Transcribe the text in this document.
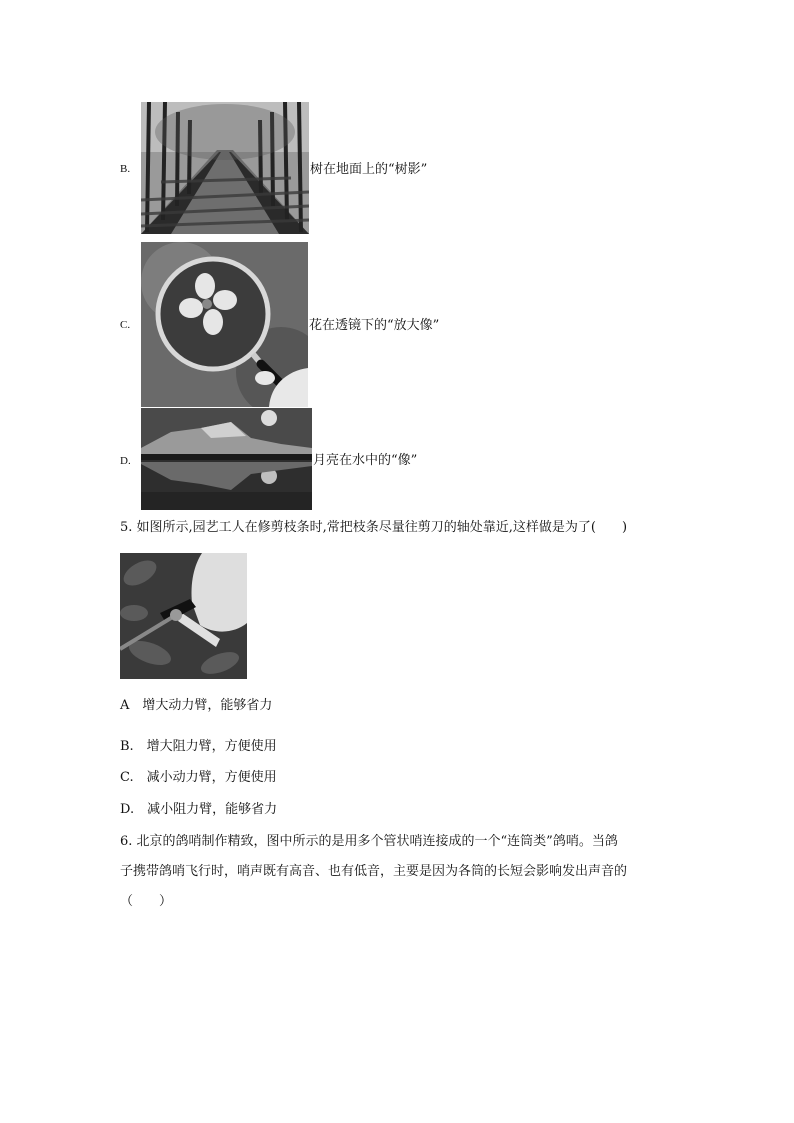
B.	树在地面上的“树影”
C.	花在透镜下的“放大像”
D.	月亮在水中的“像”
5. 如图所示,园艺工人在修剪枝条时,常把枝条尽量往剪刀的轴处靠近,这样做是为了(　　)
A　增大动力臂，能够省力
B.　增大阻力臂，方便使用
C.　减小动力臂，方便使用
D.　减小阻力臂，能够省力
6. 北京的鸽哨制作精致，图中所示的是用多个管状哨连接成的一个“连筒类”鸽哨。当鸽
子携带鸽哨飞行时，哨声既有高音、也有低音，主要是因为各筒的长短会影响发出声音的
（　　）
